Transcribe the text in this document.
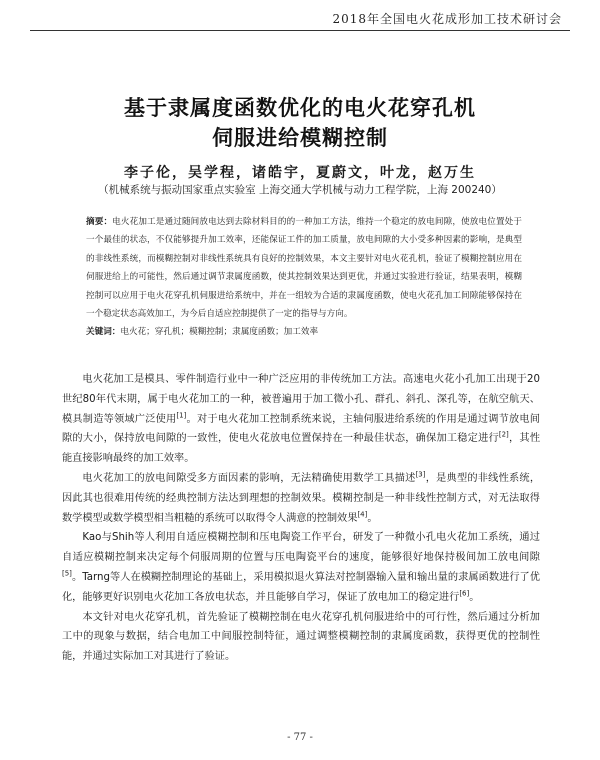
2018年全国电火花成形加工技术研讨会
基于隶属度函数优化的电火花穿孔机
伺服进给模糊控制
李子伦，吴学程，诸皓宇，夏蔚文，叶龙，赵万生
（机械系统与振动国家重点实验室 上海交通大学机械与动力工程学院，上海 200240）
摘要：电火花加工是通过随间放电达到去除材料目的的一种加工方法，维持一个稳定的放电间隙，使放电位置处于一个最佳的状态，不仅能够提升加工效率，还能保证工件的加工质量，放电间隙的大小受多种因素的影响，是典型的非线性系统，而模糊控制对非线性系统具有良好的控制效果，本文主要针对电火花孔机，验证了模糊控制应用在伺服进给上的可能性，然后通过调节隶属度函数，使其控制效果达到更优，并通过实验进行验证，结果表明，模糊控制可以应用于电火花穿孔机伺服进给系统中，并在一组较为合适的隶属度函数，使电火花孔加工间隙能够保持在一个稳定状态高效加工，为今后自适应控制提供了一定的指导与方向。
关键词：电火花；穿孔机；模糊控制；隶属度函数；加工效率

电火花加工是模具、零件制造行业中一种广泛应用的非传统加工方法。高速电火花小孔加工出现于20世纪80年代末期，属于电火花加工的一种，被普遍用于加工微小孔、群孔、斜孔、深孔等，在航空航天、模具制造等领域广泛使用[1]。对于电火花加工控制系统来说，主轴伺服进给系统的作用是通过调节放电间隙的大小，保持放电间隙的一致性，使电火花放电位置保持在一种最佳状态，确保加工稳定进行[2]，其性能直接影响最终的加工效率。

电火花加工的放电间隙受多方面因素的影响，无法精确使用数学工具描述[3]，是典型的非线性系统，因此其也很难用传统的经典控制方法达到理想的控制效果。模糊控制是一种非线性控制方式，对无法取得数学模型或数学模型相当粗糙的系统可以取得令人满意的控制效果[4]。

Kao与Shih等人利用自适应模糊控制和压电陶瓷工作平台，研发了一种微小孔电火花加工系统，通过自适应模糊控制来决定每个伺服周期的位置与压电陶瓷平台的速度，能够很好地保持极间加工放电间隙[5]。Tarng等人在模糊控制理论的基础上，采用模拟退火算法对控制器输入量和输出量的隶属函数进行了优化，能够更好识别电火花加工各放电状态，并且能够自学习，保证了放电加工的稳定进行[6]。

本文针对电火花穿孔机，首先验证了模糊控制在电火花穿孔机伺服进给中的可行性，然后通过分析加工中的现象与数据，结合电加工中间服控制特征，通过调整模糊控制的隶属度函数，获得更优的控制性能，并通过实际加工对其进行了验证。

- 77 -
